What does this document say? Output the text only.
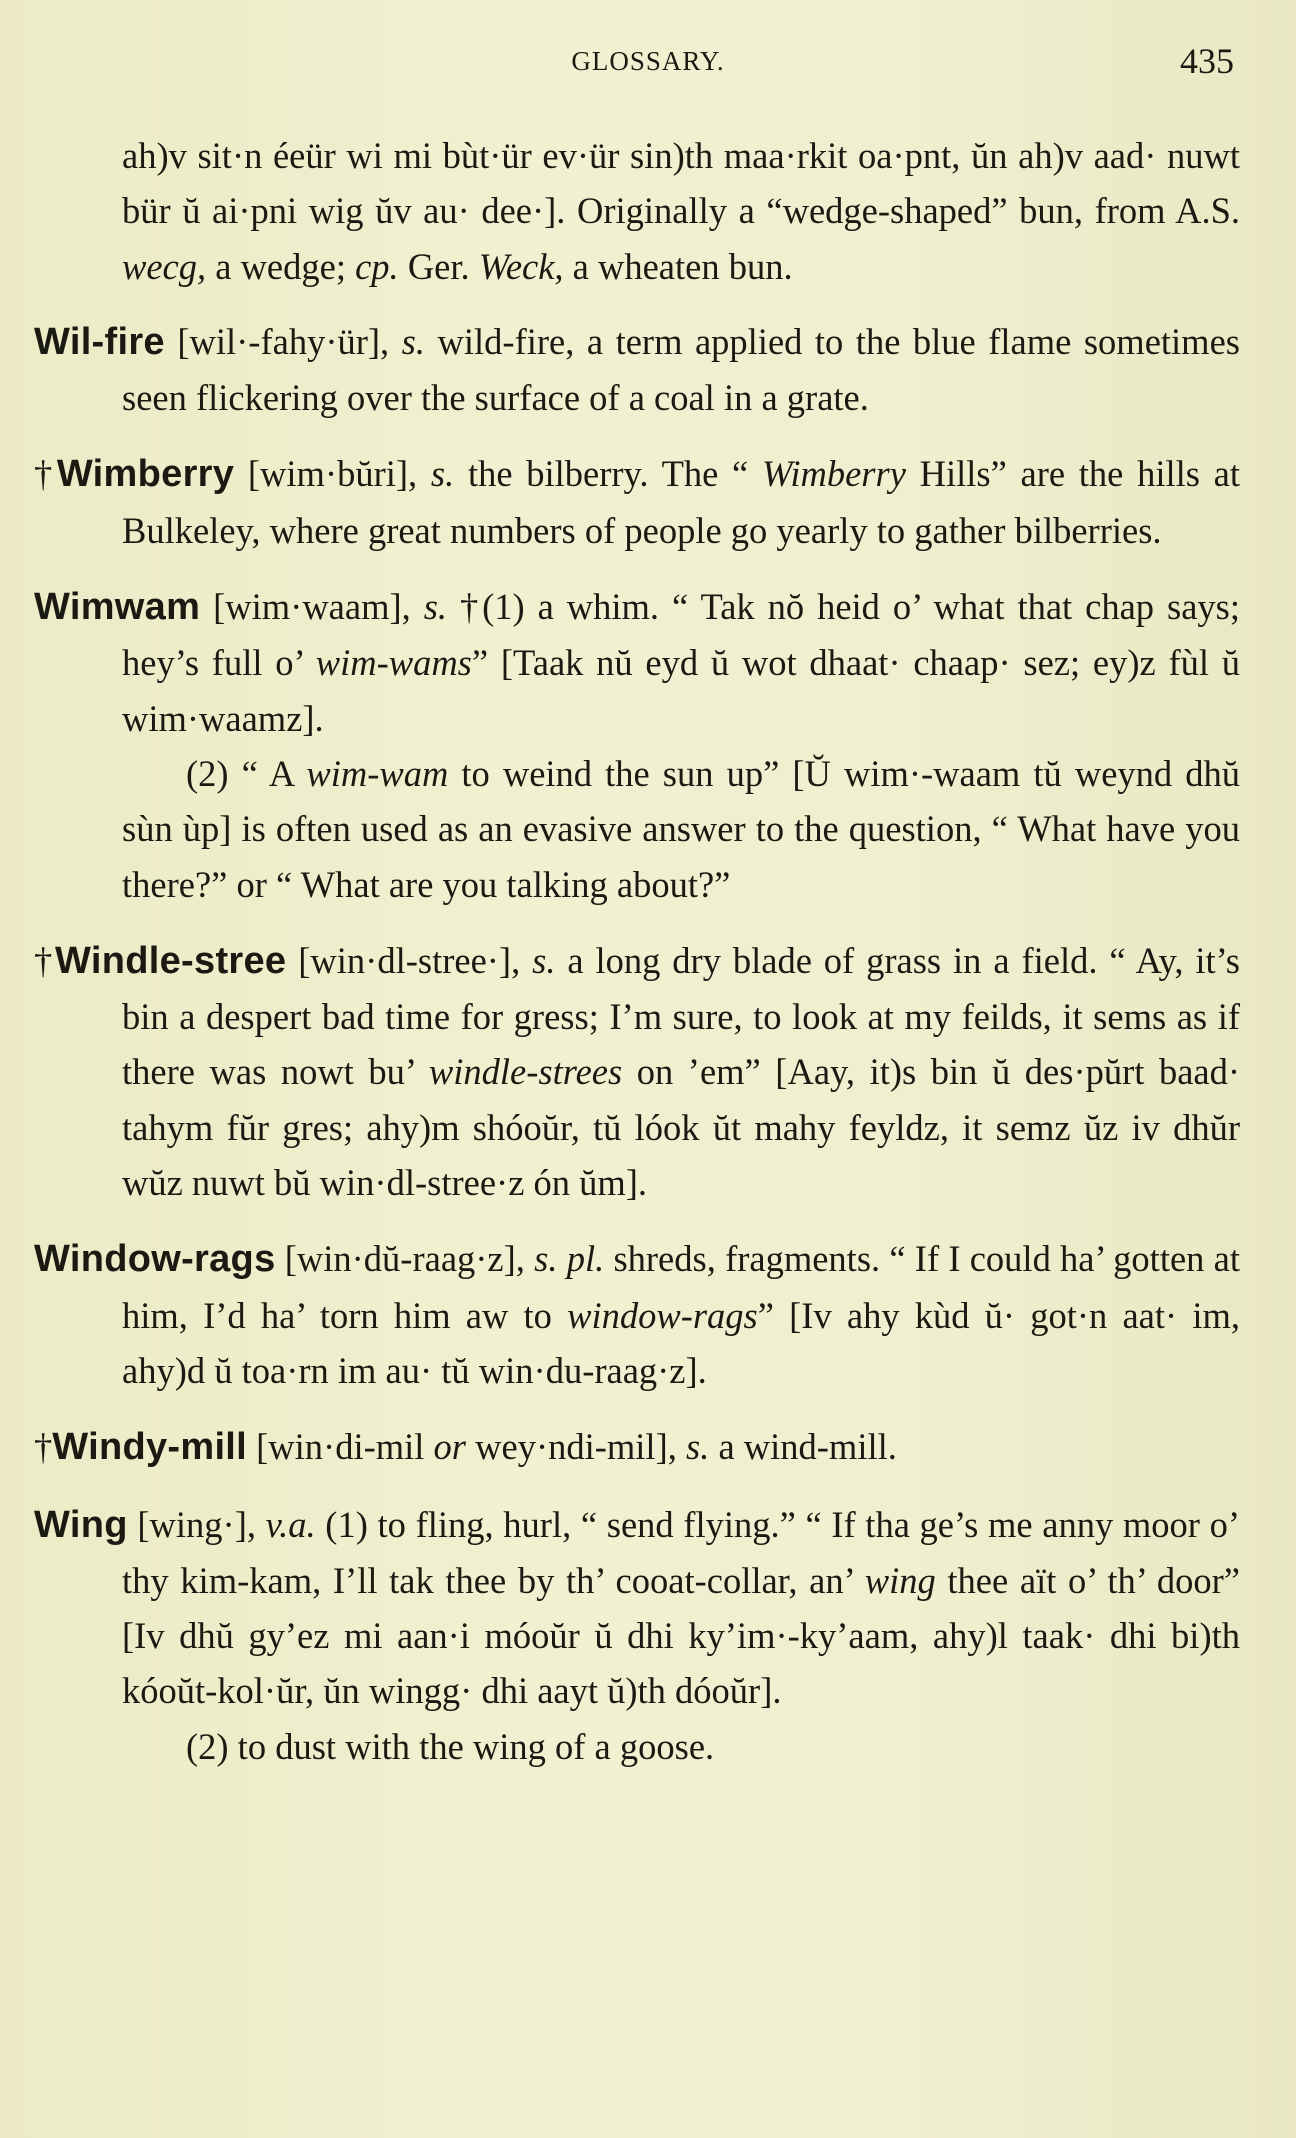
GLOSSARY.	435

ah)v sit·n éeür wi mi bùt·ür ev·ür sin)th maa·rkit oa·pnt, ŭn ah)v aad· nuwt bür ŭ ai·pni wig ŭv au· dee·]. Originally a “wedge-shaped” bun, from A.S. wecg, a wedge; cp. Ger. Weck, a wheaten bun.

Wil-fire [wil·-fahy·ür], s. wild-fire, a term applied to the blue flame sometimes seen flickering over the surface of a coal in a grate.

†Wimberry [wim·bŭri], s. the bilberry. The “ Wimberry Hills” are the hills at Bulkeley, where great numbers of people go yearly to gather bilberries.

Wimwam [wim·waam], s. †(1) a whim. “ Tak nŏ heid o’ what that chap says; hey’s full o’ wim-wams” [Taak nŭ eyd ŭ wot dhaat· chaap· sez; ey)z fùl ŭ wim·waamz].

(2) “ A wim-wam to weind the sun up” [Ŭ wim·-waam tŭ weynd dhŭ sùn ùp] is often used as an evasive answer to the question, “ What have you there?” or “ What are you talking about?”

†Windle-stree [win·dl-stree·], s. a long dry blade of grass in a field. “ Ay, it’s bin a despert bad time for gress; I’m sure, to look at my feilds, it sems as if there was nowt bu’ windle-strees on ’em” [Aay, it)s bin ŭ des·pŭrt baad· tahym fŭr gres; ahy)m shóoŭr, tŭ lóok ŭt mahy feyldz, it semz ŭz iv dhŭr wŭz nuwt bŭ win·dl-stree·z ón ŭm].

Window-rags [win·dŭ-raag·z], s. pl. shreds, fragments. “ If I could ha’ gotten at him, I’d ha’ torn him aw to window-rags” [Iv ahy kùd ŭ· got·n aat· im, ahy)d ŭ toa·rn im au· tŭ win·du-raag·z].

†Windy-mill [win·di-mil or wey·ndi-mil], s. a wind-mill.

Wing [wing·], v.a. (1) to fling, hurl, “ send flying.” “ If tha ge’s me anny moor o’ thy kim-kam, I’ll tak thee by th’ cooat-collar, an’ wing thee aït o’ th’ door” [Iv dhŭ gy’ez mi aan·i móoŭr ŭ dhi ky’im·-ky’aam, ahy)l taak· dhi bi)th kóoŭt-kol·ŭr, ŭn wingg· dhi aayt ŭ)th dóoŭr].

(2) to dust with the wing of a goose.
